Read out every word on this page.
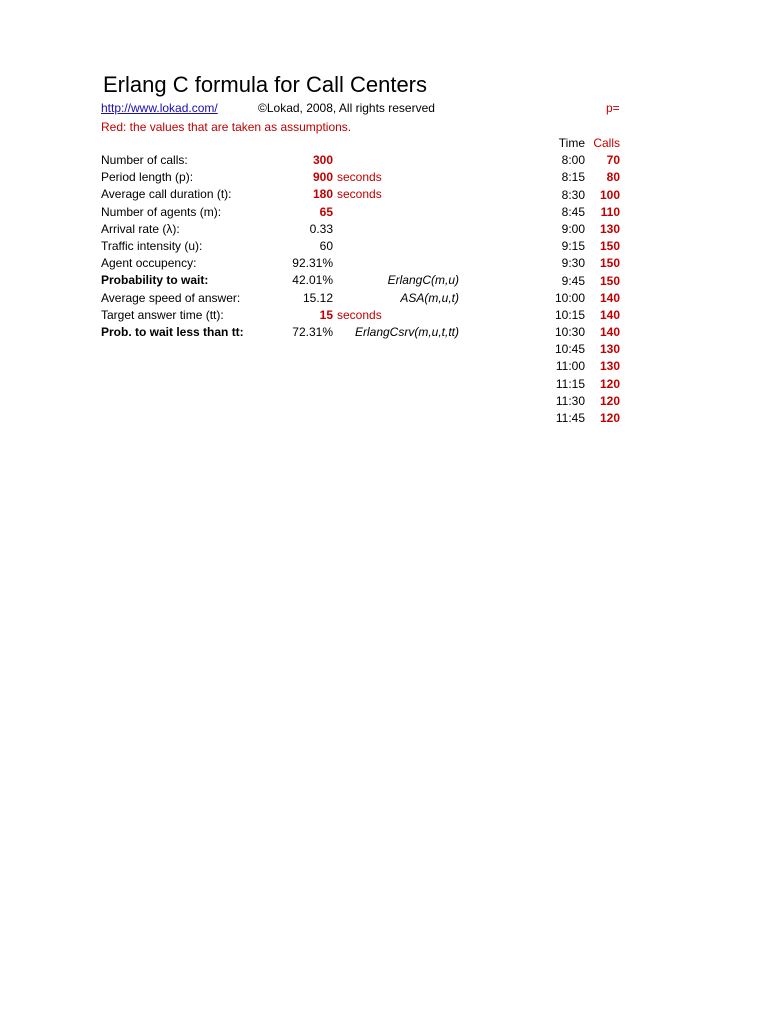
Erlang C formula for Call Centers
http://www.lokad.com/	©Lokad, 2008, All rights reserved	p=
Red: the values that are taken as assumptions.
Number of calls:	300
Period length (p):	900 seconds
Average call duration (t):	180 seconds
Number of agents (m):	65
Arrival rate (λ):	0.33
Traffic intensity (u):	60
Agent occupency:	92.31%
Probability to wait:	42.01%	ErlangC(m,u)
Average speed of answer:	15.12	ASA(m,u,t)
Target answer time (tt):	15 seconds
Prob. to wait less than tt:	72.31% ErlangCsrv(m,u,t,tt)
Time Calls
8:00 70
8:15 80
8:30 100
8:45 110
9:00 130
9:15 150
9:30 150
9:45 150
10:00 140
10:15 140
10:30 140
10:45 130
11:00 130
11:15 120
11:30 120
11:45 120
